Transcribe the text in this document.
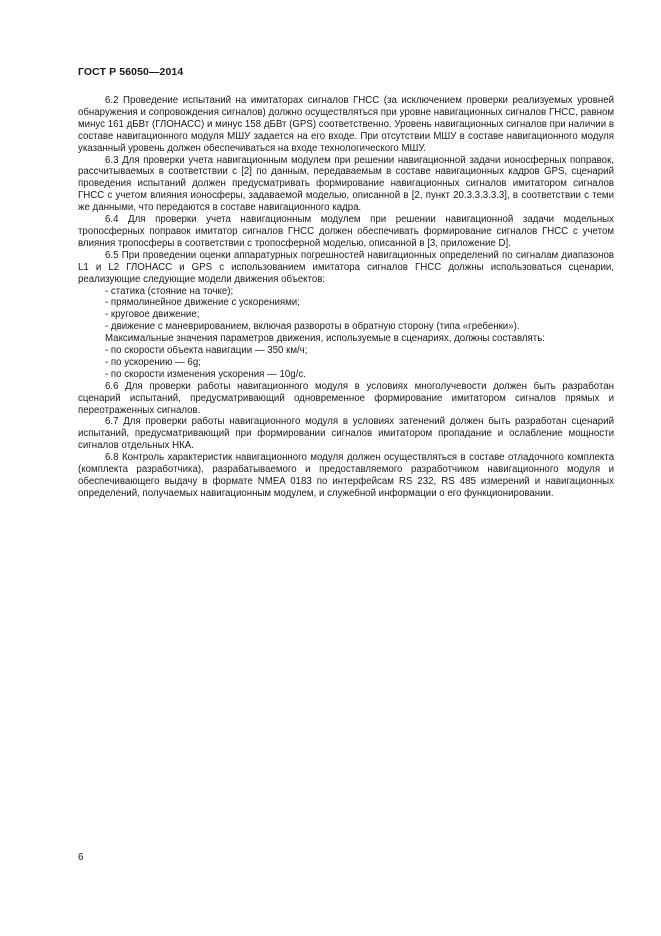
ГОСТ Р 56050—2014

6.2 Проведение испытаний на имитаторах сигналов ГНСС (за исключением проверки реализуемых уровней обнаружения и сопровождения сигналов) должно осуществляться при уровне навигационных сигналов ГНСС, равном минус 161 дБВт (ГЛОНАСС) и минус 158 дБВт (GPS) соответственно. Уровень навигационных сигналов при наличии в составе навигационного модуля МШУ задается на его входе. При отсутствии МШУ в составе навигационного модуля указанный уровень должен обеспечиваться на входе технологического МШУ.

6.3 Для проверки учета навигационным модулем при решении навигационной задачи ионосферных поправок, рассчитываемых в соответствии с [2] по данным, передаваемым в составе навигационных кадров GPS, сценарий проведения испытаний должен предусматривать формирование навигационных сигналов имитатором сигналов ГНСС с учетом влияния ионосферы, задаваемой моделью, описанной в [2, пункт 20.3.3.3.3.3], в соответствии с теми же данными, что передаются в составе навигационного кадра.

6.4 Для проверки учета навигационным модулем при решении навигационной задачи модельных тропосферных поправок имитатор сигналов ГНСС должен обеспечивать формирование сигналов ГНСС с учетом влияния тропосферы в соответствии с тропосферной моделью, описанной в [3, приложение D].

6.5 При проведении оценки аппаратурных погрешностей навигационных определений по сигналам диапазонов L1 и L2 ГЛОНАСС и GPS с использованием имитатора сигналов ГНСС должны использоваться сценарии, реализующие следующие модели движения объектов:

- статика (стояние на точке);

- прямолинейное движение с ускорениями;

- круговое движение;

- движение с маневрированием, включая развороты в обратную сторону (типа «гребенки»).

Максимальные значения параметров движения, используемые в сценариях, должны составлять:

- по скорости объекта навигации — 350 км/ч;

- по ускорению — 6g;

- по скорости изменения ускорения — 10g/c.

6.6 Для проверки работы навигационного модуля в условиях многолучевости должен быть разработан сценарий испытаний, предусматривающий одновременное формирование имитатором сигналов прямых и переотраженных сигналов.

6.7 Для проверки работы навигационного модуля в условиях затенений должен быть разработан сценарий испытаний, предусматривающий при формировании сигналов имитатором пропадание и ослабление мощности сигналов отдельных НКА.

6.8 Контроль характеристик навигационного модуля должен осуществляться в составе отладочного комплекта (комплекта разработчика), разрабатываемого и предоставляемого разработчиком навигационного модуля и обеспечивающего выдачу в формате NMEA 0183 по интерфейсам RS 232, RS 485 измерений и навигационных определений, получаемых навигационным модулем, и служебной информации о его функционировании.

6
